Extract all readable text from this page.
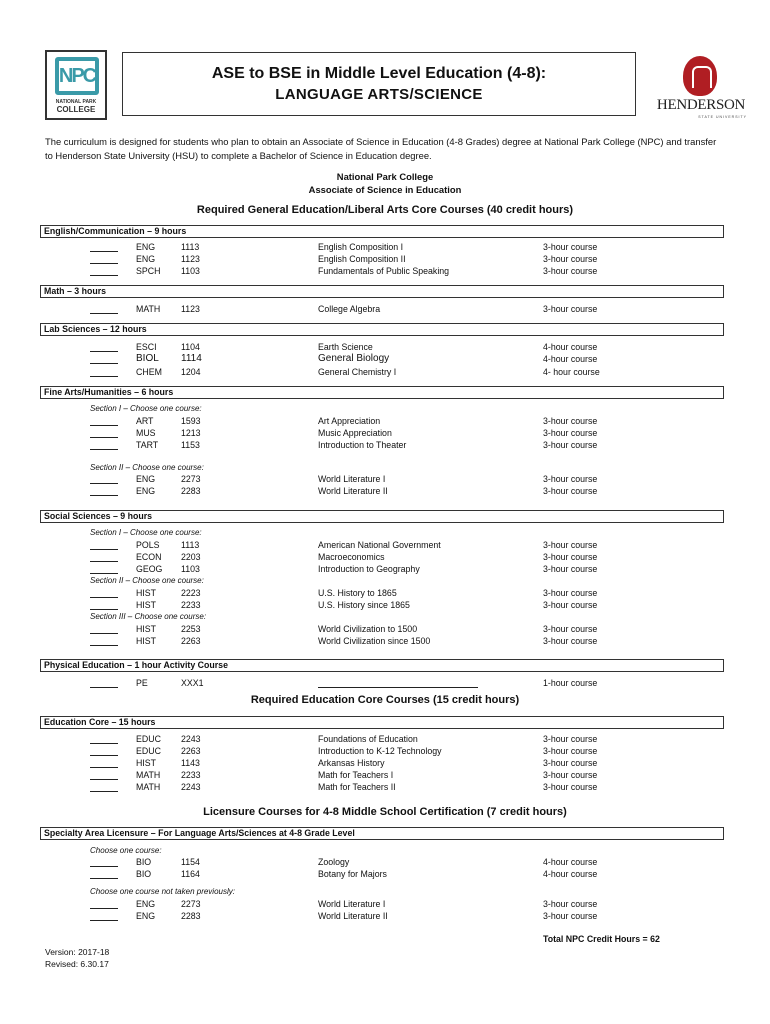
NPC
NATIONAL PARK
COLLEGE
ASE to BSE in Middle Level Education (4-8):
LANGUAGE ARTS/SCIENCE
HENDERSON
STATE UNIVERSITY
The curriculum is designed for students who plan to obtain an Associate of Science in Education (4-8 Grades) degree at National Park College (NPC) and transfer to Henderson State University (HSU) to complete a Bachelor of Science in Education degree.
National Park College
Associate of Science in Education
Required General Education/Liberal Arts Core Courses (40 credit hours)
English/Communication – 9 hours
ENG	1113	English Composition I	3-hour course
ENG	1123	English Composition II	3-hour course
SPCH 1103	Fundamentals of Public Speaking	3-hour course
Math – 3 hours
MATH 1123	College Algebra	3-hour course
Lab Sciences – 12 hours
ESCI	1104	Earth Science	4-hour course
BIOL 1114	General Biology	4-hour course
CHEM 1204	General Chemistry I	4- hour course
Fine Arts/Humanities – 6 hours
Section I – Choose one course:
ART	1593	Art Appreciation	3-hour course
MUS	1213	Music Appreciation	3-hour course
TART	1153	Introduction to Theater	3-hour course
Section II – Choose one course:
ENG	2273	World Literature I	3-hour course
ENG	2283	World Literature II	3-hour course
Social Sciences – 9 hours
Section I – Choose one course:
POLS 1113	American National Government	3-hour course
ECON 2203	Macroeconomics	3-hour course
GEOG 1103	Introduction to Geography	3-hour course
Section II – Choose one course:
HIST	2223	U.S. History to 1865	3-hour course
HIST	2233	U.S. History since 1865	3-hour course
Section III – Choose one course:
HIST	2253	World Civilization to 1500	3-hour course
HIST	2263	World Civilization since 1500	3-hour course
Physical Education – 1 hour Activity Course
PE	XXX1	1-hour course
Required Education Core Courses (15 credit hours)
Education Core – 15 hours
EDUC 2243	Foundations of Education	3-hour course
EDUC 2263	Introduction to K-12 Technology	3-hour course
HIST	1143	Arkansas History	3-hour course
MATH 2233	Math for Teachers I	3-hour course
MATH 2243	Math for Teachers II	3-hour course
Licensure Courses for 4-8 Middle School Certification (7 credit hours)
Specialty Area Licensure – For Language Arts/Sciences at 4-8 Grade Level
Choose one course:
BIO	1154	Zoology	4-hour course
BIO	1164	Botany for Majors	4-hour course
Choose one course not taken previously:
ENG	2273	World Literature I	3-hour course
ENG	2283	World Literature II	3-hour course
Total NPC Credit Hours = 62
Version: 2017-18
Revised: 6.30.17
